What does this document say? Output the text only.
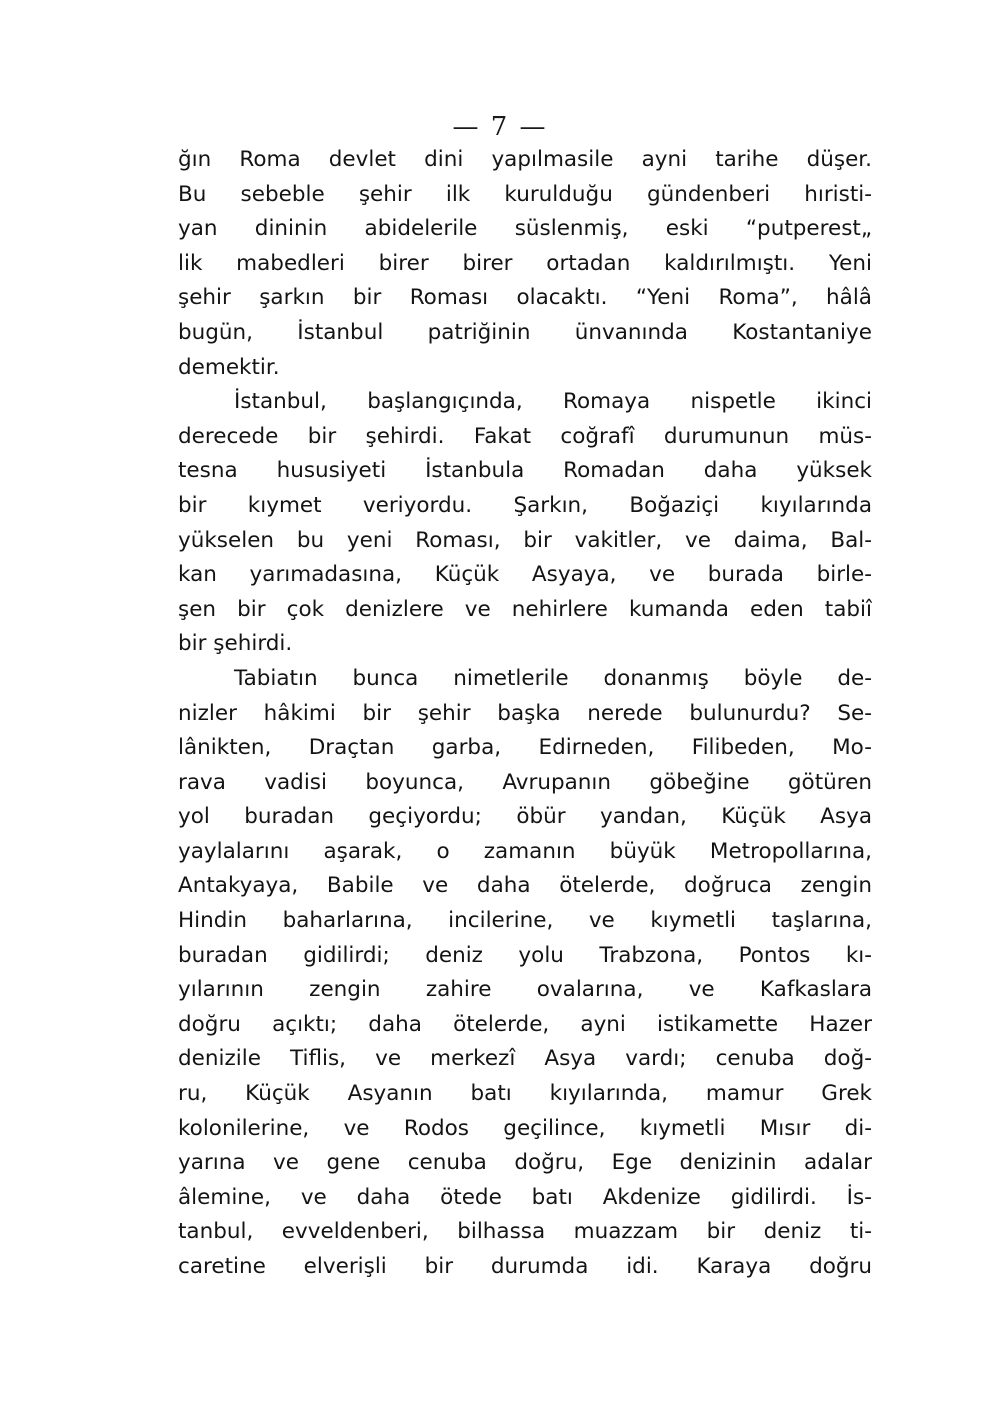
— 7 —
ğın Roma devlet dini yapılmasile ayni tarihe düşer.
Bu sebeble şehir ilk kurulduğu gündenberi hıristi-
yan dininin abidelerile süslenmiş, eski “putperest„
lik mabedleri birer birer ortadan kaldırılmıştı. Yeni
şehir şarkın bir Roması olacaktı. “Yeni Roma”, hâlâ
bugün, İstanbul patriğinin ünvanında Kostantaniye
demektir.
İstanbul, başlangıçında, Romaya nispetle ikinci
derecede bir şehirdi. Fakat coğrafî durumunun müs-
tesna hususiyeti İstanbula Romadan daha yüksek
bir kıymet veriyordu. Şarkın, Boğaziçi kıyılarında
yükselen bu yeni Roması, bir vakitler, ve daima, Bal-
kan yarımadasına, Küçük Asyaya, ve burada birle-
şen bir çok denizlere ve nehirlere kumanda eden tabiî
bir şehirdi.
Tabiatın bunca nimetlerile donanmış böyle de-
nizler hâkimi bir şehir başka nerede bulunurdu? Se-
lânikten, Draçtan garba, Edirneden, Filibeden, Mo-
rava vadisi boyunca, Avrupanın göbeğine götüren
yol buradan geçiyordu; öbür yandan, Küçük Asya
yaylalarını aşarak, o zamanın büyük Metropollarına,
Antakyaya, Babile ve daha ötelerde, doğruca zengin
Hindin baharlarına, incilerine, ve kıymetli taşlarına,
buradan gidilirdi; deniz yolu Trabzona, Pontos kı-
yılarının zengin zahire ovalarına, ve Kafkaslara
doğru açıktı; daha ötelerde, ayni istikamette Hazer
denizile Tiflis, ve merkezî Asya vardı; cenuba doğ-
ru, Küçük Asyanın batı kıyılarında, mamur Grek
kolonilerine, ve Rodos geçilince, kıymetli Mısır di-
yarına ve gene cenuba doğru, Ege denizinin adalar
âlemine, ve daha ötede batı Akdenize gidilirdi. İs-
tanbul, evveldenberi, bilhassa muazzam bir deniz ti-
caretine elverişli bir durumda idi. Karaya doğru
